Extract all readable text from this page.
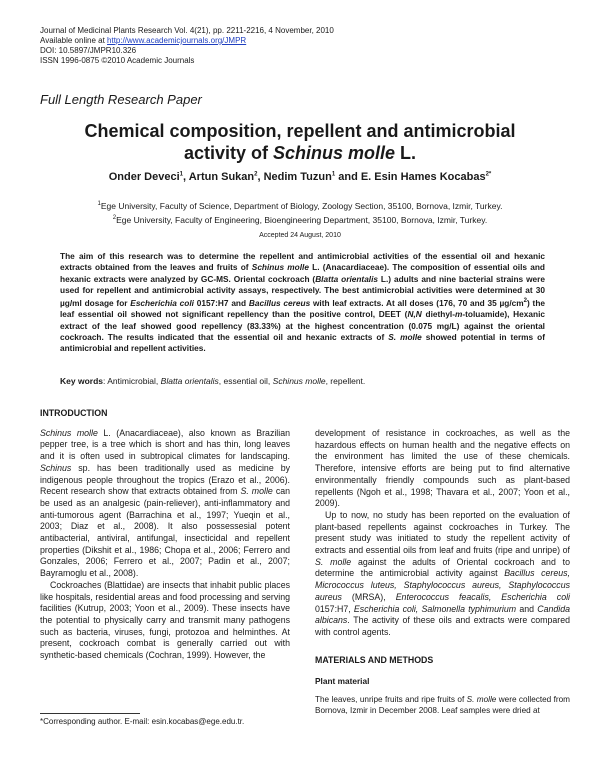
Journal of Medicinal Plants Research Vol. 4(21), pp. 2211-2216, 4 November, 2010
Available online at http://www.academicjournals.org/JMPR
DOI: 10.5897/JMPR10.326
ISSN 1996-0875 ©2010 Academic Journals
Full Length Research Paper
Chemical composition, repellent and antimicrobial
activity of Schinus molle L.
Onder Deveci$^1$, Artun Sukan$^2$, Nedim Tuzun$^1$ and E. Esin Hames Kocabas$^{2*}$
$^1$Ege University, Faculty of Science, Department of Biology, Zoology Section, 35100, Bornova, Izmir, Turkey.
$^2$Ege University, Faculty of Engineering, Bioengineering Department, 35100, Bornova, Izmir, Turkey.
Accepted 24 August, 2010
The aim of this research was to determine the repellent and antimicrobial activities of the essential oil and hexanic extracts obtained from the leaves and fruits of Schinus molle L. (Anacardiaceae). The composition of essential oils and hexanic extracts were analyzed by GC-MS. Oriental cockroach (Blatta orientalis L.) adults and nine bacterial strains were used for repellent and antimicrobial activity assays, respectively. The best antimicrobial activities were determined at 30 µg/ml dosage for Escherichia coli 0157:H7 and Bacillus cereus with leaf extracts. At all doses (176, 70 and 35 $\mu g/cm^2$) the leaf essential oil showed not significant repellency than the positive control, DEET (N,N diethyl-m-toluamide), Hexanic extract of the leaf showed good repellency (83.33%) at the highest concentration (0.075 mg/L) against the oriental cockroach. The results indicated that the essential oil and hexanic extracts of S. molle showed potential in terms of antimicrobial and repellent activities.
Key words: Antimicrobial, Blatta orientalis, essential oil, Schinus molle, repellent.
INTRODUCTION

Schinus molle L. (Anacardiaceae), also known as Brazilian pepper tree, is a tree which is short and has thin, long leaves and it is often used in subtropical climates for landscaping. Schinus sp. has been traditionally used as medicine by indigenous people throughout the tropics (Erazo et al., 2006). Recent research show that extracts obtained from S. molle can be used as an analgesic (pain-reliever), anti-inflammatory and anti-tumorous agent (Barrachina et al., 1997; Yueqin et al., 2003; Diaz et al., 2008). It also possessesial potent antibacterial, antiviral, antifungal, insecticidal and repellent properties (Dikshit et al., 1986; Chopa et al., 2006; Ferrero and Gonzales, 2006; Ferrero et al., 2007; Padin et al., 2007; Bayramoglu et al., 2008).

Cockroaches (Blattidae) are insects that inhabit public places like hospitals, residential areas and food processing and serving facilities (Kutrup, 2003; Yoon et al., 2009). These insects have the potential to physically carry and transmit many pathogens such as bacteria, viruses, fungi, protozoa and helminthes. At present, cockroach combat is generally carried out with synthetic-based chemicals (Cochran, 1999). However, the

development of resistance in cockroaches, as well as the hazardous effects on human health and the negative effects on the environment has limited the use of these chemicals. Therefore, intensive efforts are being put to find alternative environmentally friendly compounds such as plant-based repellents (Ngoh et al., 1998; Thavara et al., 2007; Yoon et al., 2009).

Up to now, no study has been reported on the evaluation of plant-based repellents against cockroaches in Turkey. The present study was initiated to study the repellent activity of extracts and essential oils from leaf and fruits (ripe and unripe) of S. molle against the adults of Oriental cockroach and to determine the antimicrobial activity against Bacillus cereus, Micrococcus luteus, Staphylococcus aureus, Staphylococcus aureus (MRSA), Enterococcus feacalis, Escherichia coli 0157:H7, Escherichia coli, Salmonella typhimurium and Candida albicans. The activity of these oils and extracts were compared with control agents.

MATERIALS AND METHODS
Plant material

The leaves, unripe fruits and ripe fruits of S. molle were collected from Bornova, Izmir in December 2008. Leaf samples were dried at

*Corresponding author. E-mail: esin.kocabas@ege.edu.tr.
